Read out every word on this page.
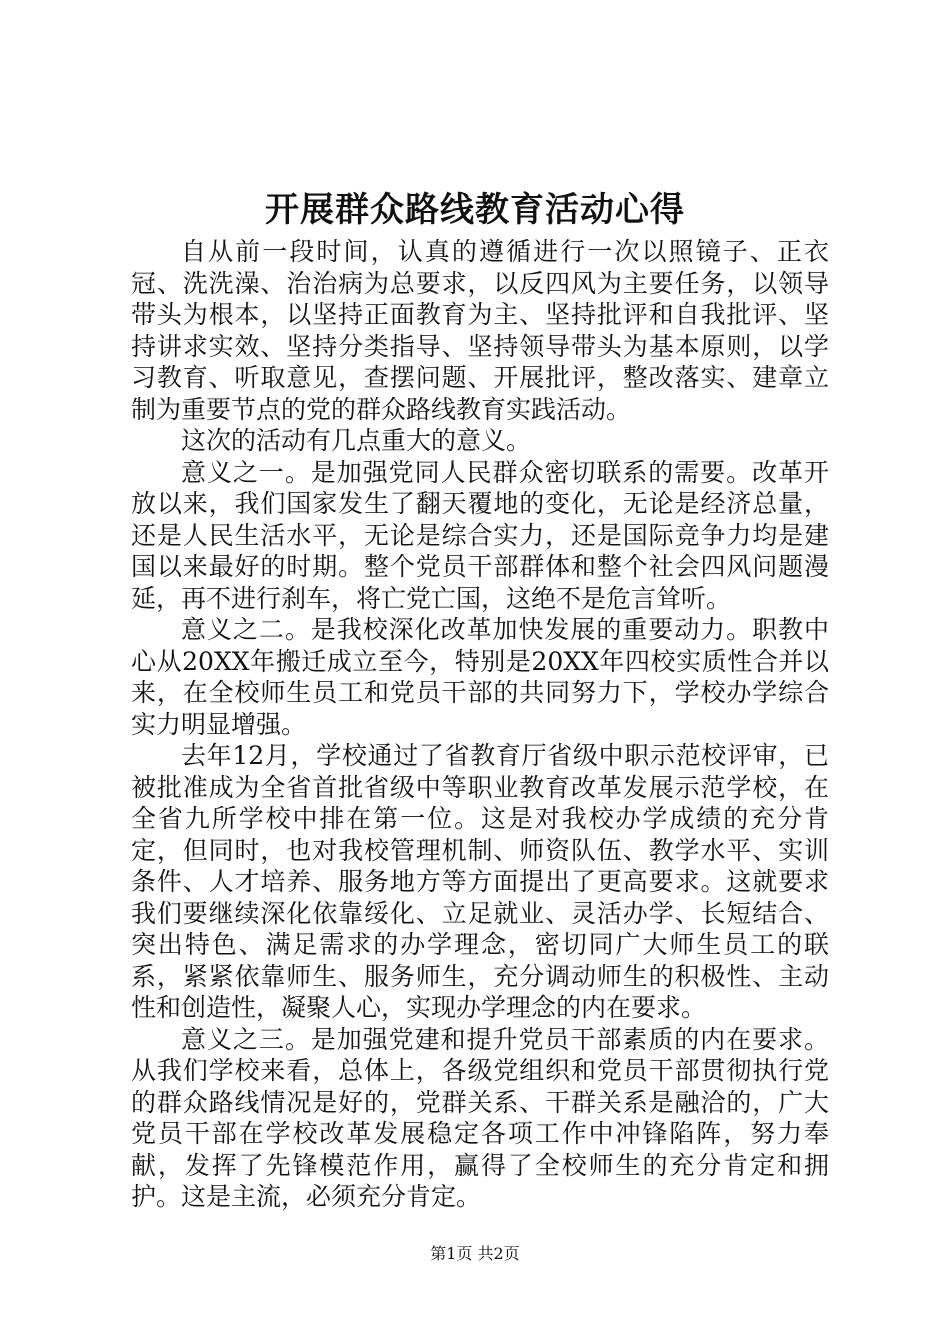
开展群众路线教育活动心得

自从前一段时间，认真的遵循进行一次以照镜子、正衣冠、洗洗澡、治治病为总要求，以反四风为主要任务，以领导带头为根本，以坚持正面教育为主、坚持批评和自我批评、坚持讲求实效、坚持分类指导、坚持领导带头为基本原则，以学习教育、听取意见，查摆问题、开展批评，整改落实、建章立制为重要节点的党的群众路线教育实践活动。

这次的活动有几点重大的意义。

意义之一。是加强党同人民群众密切联系的需要。改革开放以来，我们国家发生了翻天覆地的变化，无论是经济总量，还是人民生活水平，无论是综合实力，还是国际竞争力均是建国以来最好的时期。整个党员干部群体和整个社会四风问题漫延，再不进行刹车，将亡党亡国，这绝不是危言耸听。

意义之二。是我校深化改革加快发展的重要动力。职教中心从20XX年搬迁成立至今，特别是20XX年四校实质性合并以来，在全校师生员工和党员干部的共同努力下，学校办学综合实力明显增强。

去年12月，学校通过了省教育厅省级中职示范校评审，已被批准成为全省首批省级中等职业教育改革发展示范学校，在全省九所学校中排在第一位。这是对我校办学成绩的充分肯定，但同时，也对我校管理机制、师资队伍、教学水平、实训条件、人才培养、服务地方等方面提出了更高要求。这就要求我们要继续深化依靠绥化、立足就业、灵活办学、长短结合、突出特色、满足需求的办学理念，密切同广大师生员工的联系，紧紧依靠师生、服务师生，充分调动师生的积极性、主动性和创造性，凝聚人心，实现办学理念的内在要求。

意义之三。是加强党建和提升党员干部素质的内在要求。从我们学校来看，总体上，各级党组织和党员干部贯彻执行党的群众路线情况是好的，党群关系、干群关系是融洽的，广大党员干部在学校改革发展稳定各项工作中冲锋陷阵，努力奉献，发挥了先锋模范作用，赢得了全校师生的充分肯定和拥护。这是主流，必须充分肯定。

第1页 共2页
